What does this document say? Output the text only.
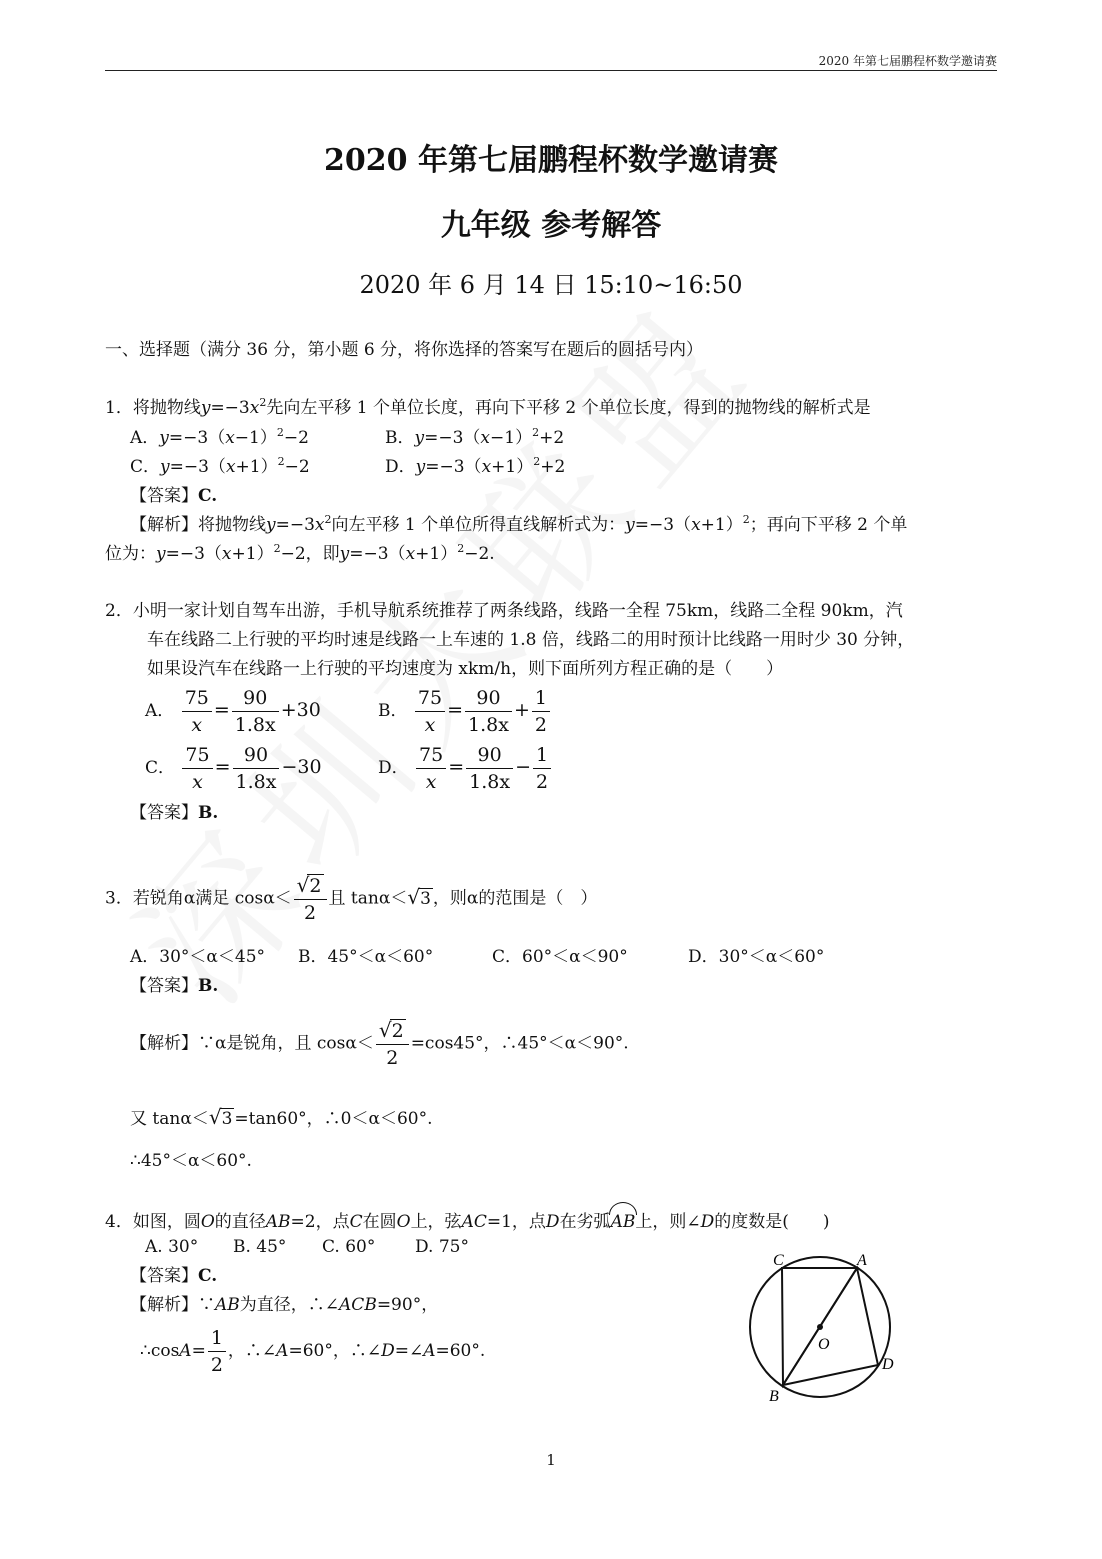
2020 年第七届鹏程杯数学邀请赛
2020 年第七届鹏程杯数学邀请赛
九年级 参考解答
2020 年 6 月 14 日 15:10~16:50
一、选择题（满分 36 分，第小题 6 分，将你选择的答案写在题后的圆括号内）
1．将抛物线$y=-3x^2$先向左平移 1 个单位长度，再向下平移 2 个单位长度，得到的抛物线的解析式是
A．$y=-3(x-1)^2-2$	B．$y=-3(x-1)^2+2$
C．$y=-3(x+1)^2-2$	D．$y=-3(x+1)^2+2$
【答案】C.
【解析】将抛物线$y=-3x^2$向左平移 1 个单位所得直线解析式为：$y=-3(x+1)^2$；再向下平移 2 个单
位为：$y=-3(x+1)^2-2$，即$y=-3(x+1)^2-2$.
2．小明一家计划自驾车出游，手机导航系统推荐了两条线路，线路一全程 75km，线路二全程 90km，汽
车在线路二上行驶的平均时速是线路一上车速的 1.8 倍，线路二的用时预计比线路一用时少 30 分钟，
如果设汽车在线路一上行驶的平均速度为 xkm/h，则下面所列方程正确的是（　　）
A． $\frac{75}{x} = \frac{90}{1.8x} +30$	B． $\frac{75}{x} = \frac{90}{1.8x} + \frac{1}{2}$
C． $\frac{75}{x} = \frac{90}{1.8x} -30$	D． $\frac{75}{x} = \frac{90}{1.8x} - \frac{1}{2}$
【答案】B.
3．若锐角α满足 $\cos\alpha< \frac{√2}{2}$ 且 tanα＜√3 ，则α的范围是（　）
A．30°＜α＜45° B．45°＜α＜60°	C．60°＜α＜90°	D．30°＜α＜60°
【答案】B.
【解析】∵α是锐角，且 $\cos\alpha< \frac{√2}{2} =\cos 45^\circ$，∴45°＜α＜90°.
又 tanα＜√3 =tan60°，∴0＜α＜60°.
∴45°＜α＜60°.
4．如图，圆O的直径AB=2，点C在圆O上，弦AC=1，点D在劣弧AB上，则∠D的度数是(　　)
A. 30° B. 45° C. 60° D. 75°
【答案】C.
【解析】∵AB为直径，∴∠ACB=90°，
∴cosA= $\frac{1}{2}$ ，∴∠A=60°，∴∠D=∠A=60°.
C	A
O
D
B
1
